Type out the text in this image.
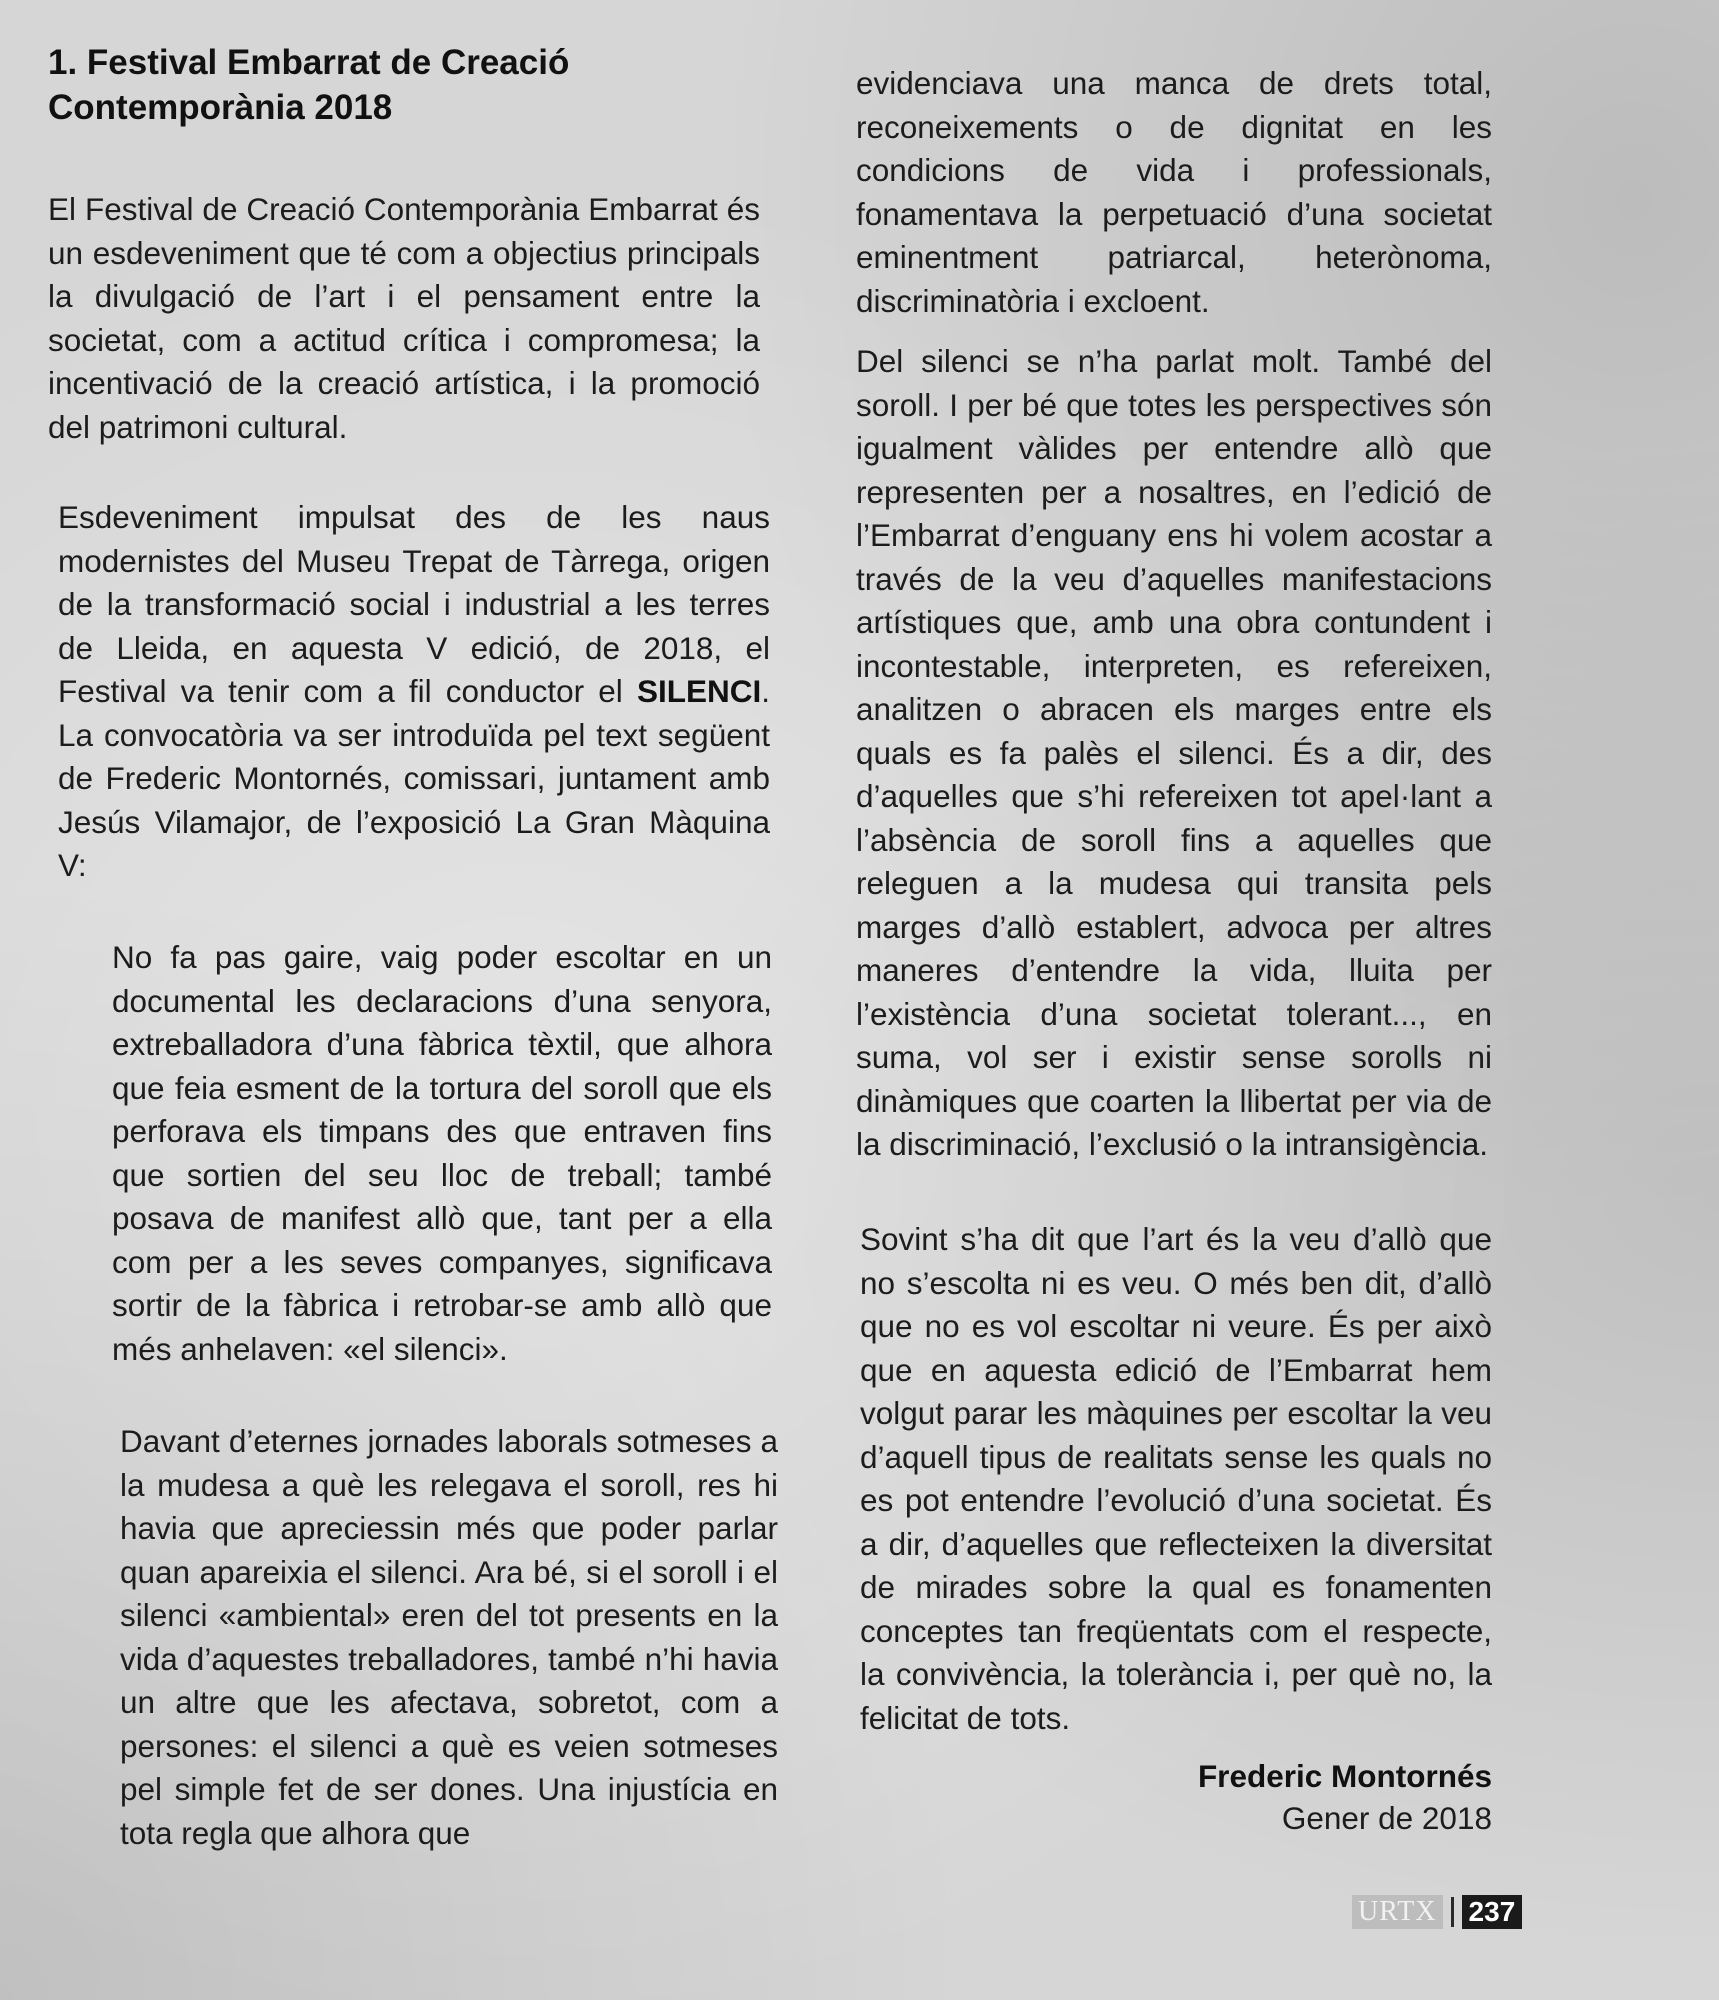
1. Festival Embarrat de Creació Contemporània 2018

El Festival de Creació Contemporània Embarrat és un esdeveniment que té com a objectius principals la divulgació de l’art i el pensament entre la societat, com a actitud crítica i compromesa; la incentivació de la creació artística, i la promoció del patrimoni cultural.

Esdeveniment impulsat des de les naus modernistes del Museu Trepat de Tàrrega, origen de la transformació social i industrial a les terres de Lleida, en aquesta V edició, de 2018, el Festival va tenir com a fil conductor el SILENCI. La convocatòria va ser introduïda pel text següent de Frederic Montornés, comissari, juntament amb Jesús Vilamajor, de l’exposició La Gran Màquina V:

No fa pas gaire, vaig poder escoltar en un documental les declaracions d’una senyora, extreballadora d’una fàbrica tèxtil, que alhora que feia esment de la tortura del soroll que els perforava els timpans des que entraven fins que sortien del seu lloc de treball; també posava de manifest allò que, tant per a ella com per a les seves companyes, significava sortir de la fàbrica i retrobar-se amb allò que més anhelaven: «el silenci».

Davant d’eternes jornades laborals sotmeses a la mudesa a què les relegava el soroll, res hi havia que apreciessin més que poder parlar quan apareixia el silenci. Ara bé, si el soroll i el silenci «ambiental» eren del tot presents en la vida d’aquestes treballadores, també n’hi havia un altre que les afectava, sobretot, com a persones: el silenci a què es veien sotmeses pel simple fet de ser dones. Una injustícia en tota regla que alhora que

evidenciava una manca de drets total, reconeixements o de dignitat en les condicions de vida i professionals, fonamentava la perpetuació d’una societat eminentment patriarcal, heterònoma, discriminatòria i excloent.

Del silenci se n’ha parlat molt. També del soroll. I per bé que totes les perspectives són igualment vàlides per entendre allò que representen per a nosaltres, en l’edició de l’Embarrat d’enguany ens hi volem acostar a través de la veu d’aquelles manifestacions artístiques que, amb una obra contundent i incontestable, interpreten, es refereixen, analitzen o abracen els marges entre els quals es fa palès el silenci. És a dir, des d’aquelles que s’hi refereixen tot apel·lant a l’absència de soroll fins a aquelles que releguen a la mudesa qui transita pels marges d’allò establert, advoca per altres maneres d’entendre la vida, lluita per l’existència d’una societat tolerant..., en suma, vol ser i existir sense sorolls ni dinàmiques que coarten la llibertat per via de la discriminació, l’exclusió o la intransigència.

Sovint s’ha dit que l’art és la veu d’allò que no s’escolta ni es veu. O més ben dit, d’allò que no es vol escoltar ni veure. És per això que en aquesta edició de l’Embarrat hem volgut parar les màquines per escoltar la veu d’aquell tipus de realitats sense les quals no es pot entendre l’evolució d’una societat. És a dir, d’aquelles que reflecteixen la diversitat de mirades sobre la qual es fonamenten conceptes tan freqüentats com el respecte, la convivència, la tolerància i, per què no, la felicitat de tots.

Frederic Montornés
Gener de 2018
URTX 237
